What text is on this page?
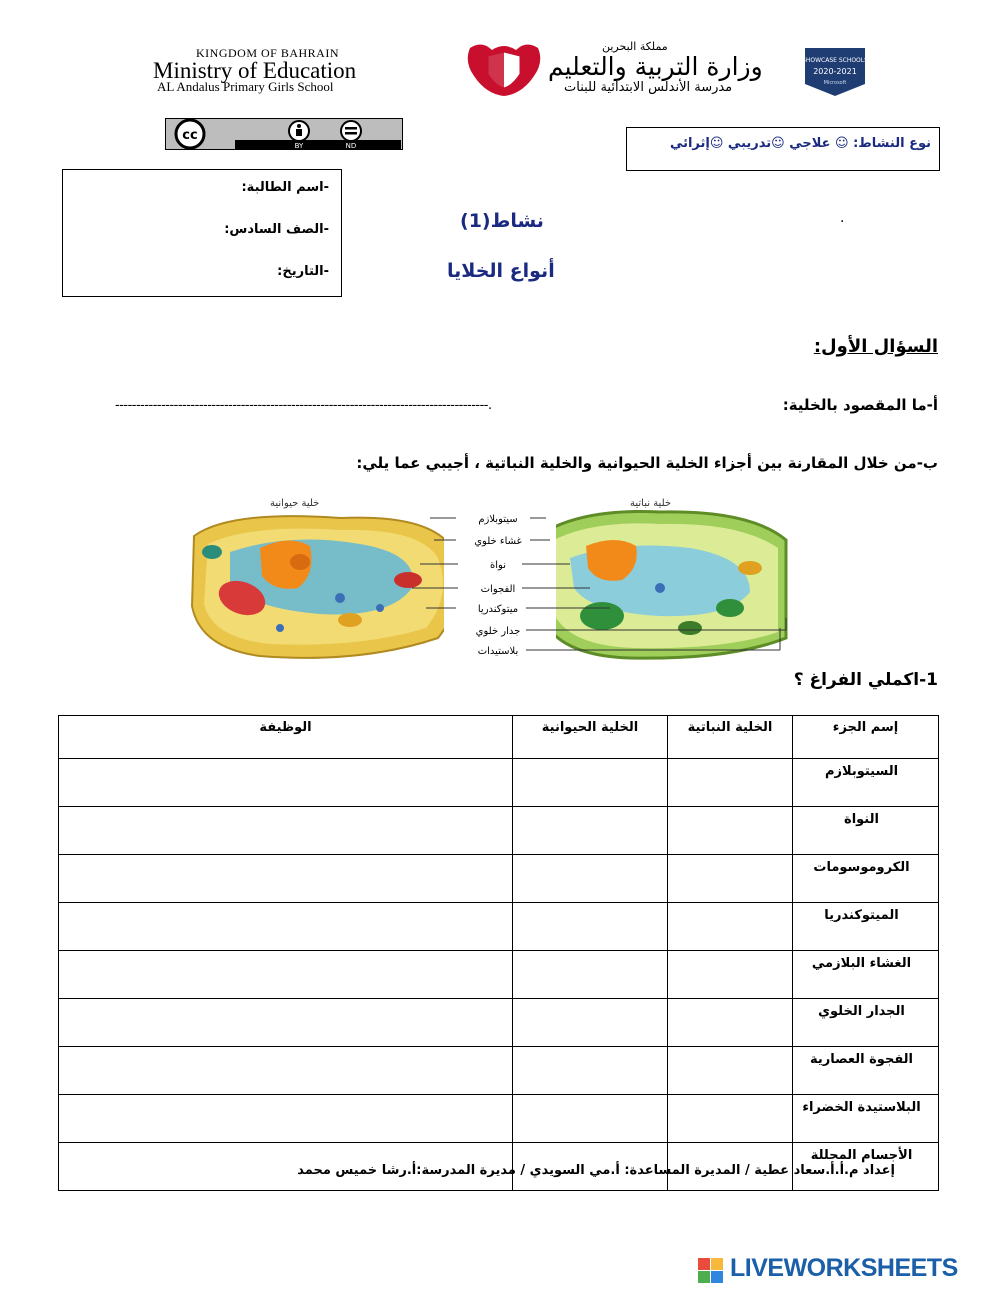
KINGDOM OF BAHRAIN
Ministry of Education
AL Andalus Primary Girls School
مملكة البحرين
وزارة التربية والتعليم
مدرسة الأندلس الابتدائية للبنات
SHOWCASE SCHOOLS
2020-2021
Microsoft
cc
BY	ND	نوع النشاط: ☺ علاجي ☺تدريبي ☺إثرائي
-اسم الطالبة:
-الصف السادس:
-التاريخ:
نشاط(1)
أنواع الخلايا
.
السؤال الأول:
أ-ما المقصود بالخلية:
-----------------------------------------------------------------------------------------.
ب-من خلال المقارنة بين أجزاء الخلية الحيوانية والخلية النباتية ، أجيبي عما يلي:
خلية حيوانية	خلية نباتية
سيتوبلازم
غشاء خلوي
نواة
الفجوات
ميتوكندريا
جدار خلوي
بلاستيدات
1-اكملي الفراغ ؟
إسم الجزء	الخلية النباتية	الخلية الحيوانية	الوظيفة
السيتوبلازم			
النواة			
الكروموسومات			
الميتوكندريا			
الغشاء البلازمي			
الجدار الخلوي			
الفجوة العصارية			
البلاستيدة الخضراء			
الأجسام المحللة			
إعداد م.أ.أ.سعاد عطية / المديرة المساعدة: أ.مي السويدي / مديرة المدرسة:أ.رشا خميس محمد
LIVEWORKSHEETS
